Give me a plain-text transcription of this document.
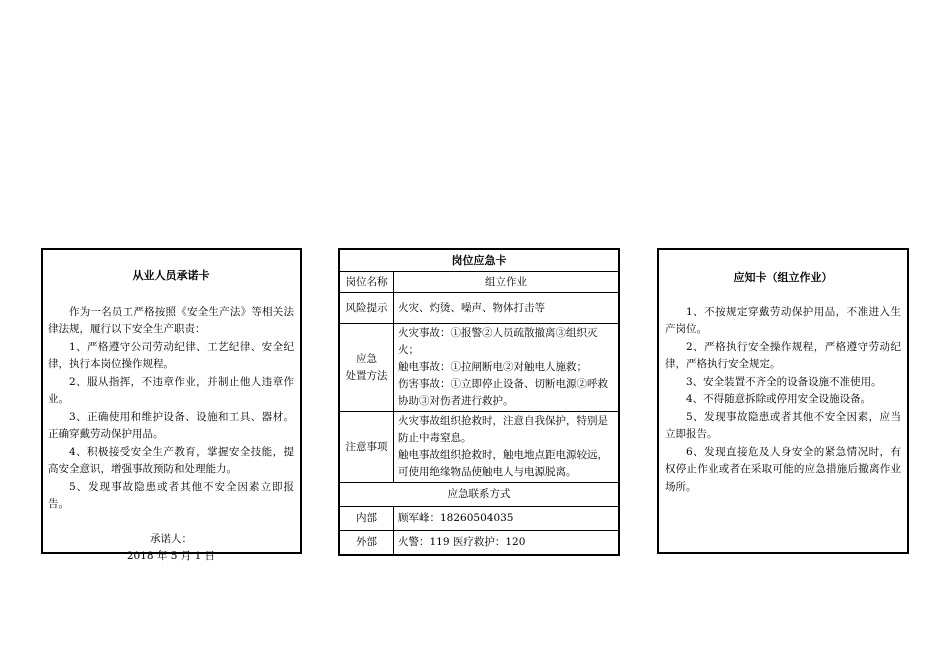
从业人员承诺卡

作为一名员工严格按照《安全生产法》等相关法律法规，履行以下安全生产职责：

1、严格遵守公司劳动纪律、工艺纪律、安全纪律，执行本岗位操作规程。

2、服从指挥，不违章作业，并制止他人违章作业。

3、正确使用和维护设备、设施和工具、器材。正确穿戴劳动保护用品。

4、积极接受安全生产教育，掌握安全技能，提高安全意识，增强事故预防和处理能力。

5、发现事故隐患或者其他不安全因素立即报告。

承诺人：

2018 年 5 月 1 日

岗位应急卡	
岗位名称	组立作业
风险提示	火灾、灼烫、噪声、物体打击等

应急
处置方法	火灾事故：①报警②人员疏散撤离③组织灭火；
触电事故：①拉闸断电②对触电人施救；
伤害事故：①立即停止设备、切断电源②呼救协助③对伤者进行救护。

注意事项	火灾事故组织抢救时，注意自我保护，特别是防止中毒窒息。
触电事故组织抢救时，触电地点距电源较远，可使用绝缘物品使触电人与电源脱离。

应急联系方式	
内部	顾军峰：18260504035
外部	火警：119 医疗救护：120
应知卡（组立作业）

1、不按规定穿戴劳动保护用品，不准进入生产岗位。

2、严格执行安全操作规程，严格遵守劳动纪律，严格执行安全规定。

3、安全装置不齐全的设备设施不准使用。

4、不得随意拆除或停用安全设施设备。

5、发现事故隐患或者其他不安全因素，应当立即报告。

6、发现直接危及人身安全的紧急情况时，有权停止作业或者在采取可能的应急措施后撤离作业场所。
